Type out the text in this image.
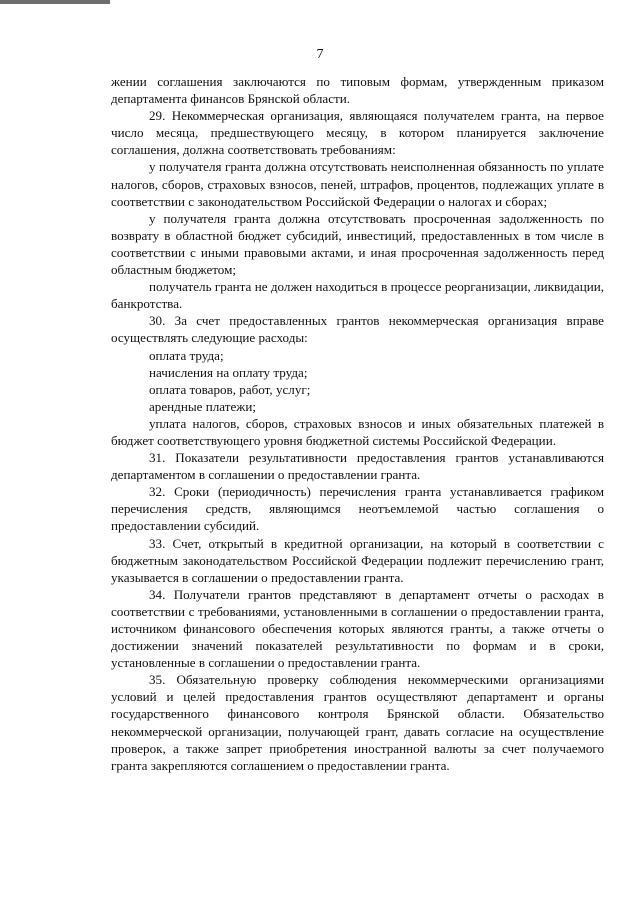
7

жении соглашения заключаются по типовым формам, утвержденным приказом департамента финансов Брянской области.

29. Некоммерческая организация, являющаяся получателем гранта, на первое число месяца, предшествующего месяцу, в котором планируется заключение соглашения, должна соответствовать требованиям:

у получателя гранта должна отсутствовать неисполненная обязанность по уплате налогов, сборов, страховых взносов, пеней, штрафов, процентов, подлежащих уплате в соответствии с законодательством Российской Федерации о налогах и сборах;

у получателя гранта должна отсутствовать просроченная задолженность по возврату в областной бюджет субсидий, инвестиций, предоставленных в том числе в соответствии с иными правовыми актами, и иная просроченная задолженность перед областным бюджетом;

получатель гранта не должен находиться в процессе реорганизации, ликвидации, банкротства.

30. За счет предоставленных грантов некоммерческая организация вправе осуществлять следующие расходы:

оплата труда;

начисления на оплату труда;

оплата товаров, работ, услуг;

арендные платежи;

уплата налогов, сборов, страховых взносов и иных обязательных платежей в бюджет соответствующего уровня бюджетной системы Российской Федерации.

31. Показатели результативности предоставления грантов устанавливаются департаментом в соглашении о предоставлении гранта.

32. Сроки (периодичность) перечисления гранта устанавливается графиком перечисления средств, являющимся неотъемлемой частью соглашения о предоставлении субсидий.

33. Счет, открытый в кредитной организации, на который в соответствии с бюджетным законодательством Российской Федерации подлежит перечислению грант, указывается в соглашении о предоставлении гранта.

34. Получатели грантов представляют в департамент отчеты о расходах в соответствии с требованиями, установленными в соглашении о предоставлении гранта, источником финансового обеспечения которых являются гранты, а также отчеты о достижении значений показателей результативности по формам и в сроки, установленные в соглашении о предоставлении гранта.

35. Обязательную проверку соблюдения некоммерческими организациями условий и целей предоставления грантов осуществляют департамент и органы государственного финансового контроля Брянской области. Обязательство некоммерческой организации, получающей грант, давать согласие на осуществление проверок, а также запрет приобретения иностранной валюты за счет получаемого гранта закрепляются соглашением о предоставлении гранта.
